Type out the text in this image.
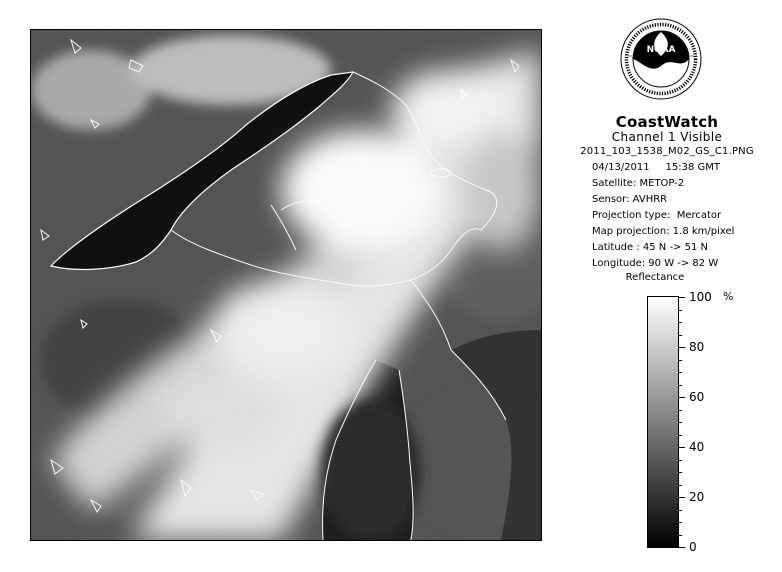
NOAA
CoastWatch
Channel 1 Visible
2011_103_1538_M02_GS_C1.PNG
04/13/2011     15:38 GMT
Satellite: METOP-2
Sensor: AVHRR
Projection type:  Mercator
Map projection: 1.8 km/pixel
Latitude : 45 N -> 51 N
Longitude: 90 W -> 82 W
Reflectance
%
100
80
60
40
20
0
